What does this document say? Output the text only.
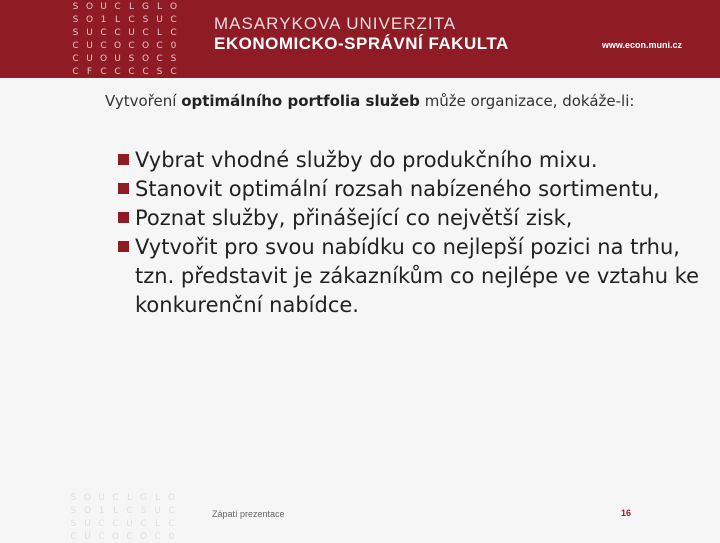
S O U C L G L O
S O 1 L C S U C
S U C C U C L C
C U C O C O C 0
C U O U S O C S
C F C C C C S C
MASARYKOVA UNIVERZITA
EKONOMICKO-SPRÁVNÍ FAKULTA	www.econ.muni.cz
Vytvoření optimálního portfolia služeb může organizace, dokáže-li:
Vybrat vhodné služby do produkčního mixu.
Stanovit optimální rozsah nabízeného sortimentu,
Poznat služby, přinášející co největší zisk,
Vytvořit pro svou nabídku co nejlepší pozici na trhu, tzn. představit je zákazníkům co nejlépe ve vztahu ke konkurenční nabídce.
S O U C L G L O
S O 1 L C S U C
S U C C U C L C
C U C O C O C 0
Zápatí prezentace	16
